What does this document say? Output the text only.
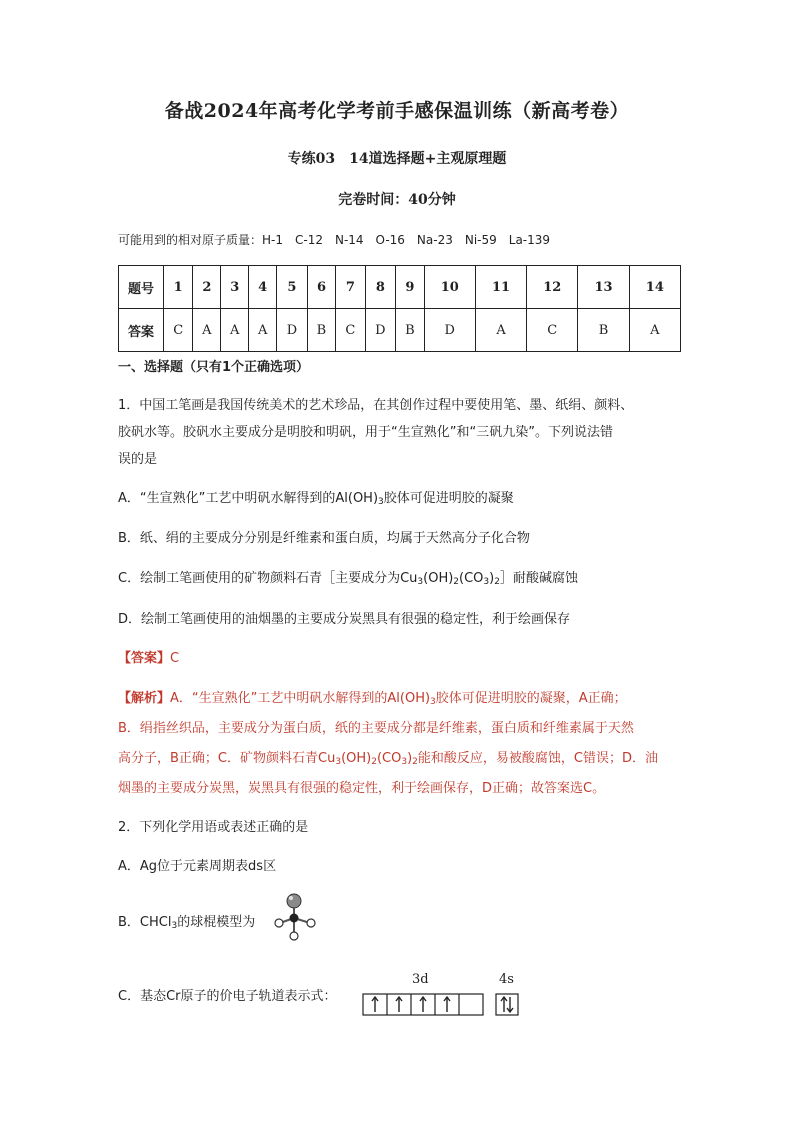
备战2024年高考化学考前手感保温训练（新高考卷）
专练03　14道选择题+主观原理题
完卷时间：40分钟
可能用到的相对原子质量：H-1　C-12　N-14　O-16　Na-23　Ni-59　La-139
题号	1	2	3	4	5	6	7	8	9	10	11	12	13	14
答案	C	A	A	A	D	B	C	D	B	D	A	C	B	A
一、选择题（只有1个正确选项）
1．中国工笔画是我国传统美术的艺术珍品，在其创作过程中要使用笔、墨、纸绢、颜料、
胶矾水等。胶矾水主要成分是明胶和明矾，用于“生宣熟化”和“三矾九染”。下列说法错
误的是
A．“生宣熟化”工艺中明矾水解得到的$Al(OH)_3$胶体可促进明胶的凝聚
B．纸、绢的主要成分分别是纤维素和蛋白质，均属于天然高分子化合物
C．绘制工笔画使用的矿物颜料石青［主要成分为$Cu_3(OH)_2(CO_3)_2]$耐酸碱腐蚀
D．绘制工笔画使用的油烟墨的主要成分炭黑具有很强的稳定性，利于绘画保存
【答案】C
【解析】A．“生宣熟化”工艺中明矾水解得到的$Al(OH)_3$胶体可促进明胶的凝聚，A正确；
B．绢指丝织品，主要成分为蛋白质，纸的主要成分都是纤维素，蛋白质和纤维素属于天然
高分子，B正确；C．矿物颜料石青$Cu_3(OH)_2(CO_3)_2$能和酸反应，易被酸腐蚀，C错误；D．油
烟墨的主要成分炭黑，炭黑具有很强的稳定性，利于绘画保存，D正确；故答案选C。
2．下列化学用语或表述正确的是
A．Ag位于元素周期表ds区
B．CHCl$_3$的球棍模型为
C．基态Cr原子的价电子轨道表示式：
3d	4s
